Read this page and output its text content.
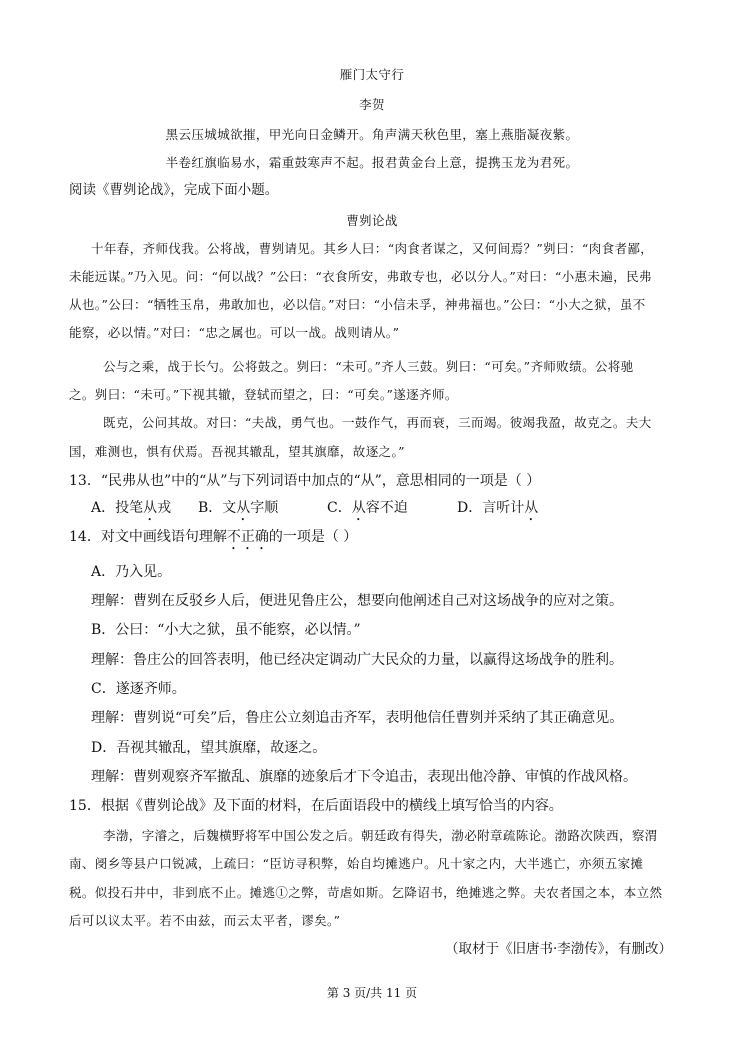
雁门太守行
李贺
黑云压城城欲摧，甲光向日金鳞开。角声满天秋色里，塞上燕脂凝夜紫。
半卷红旗临易水，霜重鼓寒声不起。报君黄金台上意，提携玉龙为君死。
阅读《曹刿论战》，完成下面小题。
曹刿论战
十年春，齐师伐我。公将战，曹刿请见。其乡人曰：“肉食者谋之，又何间焉？”刿曰：“肉食者鄙，
未能远谋。”乃入见。问：“何以战？”公曰：“衣食所安，弗敢专也，必以分人。”对曰：“小惠未遍，民弗
从也。”公曰：“牺牲玉帛，弗敢加也，必以信。”对曰：“小信未孚，神弗福也。”公曰：“小大之狱，虽不
能察，必以情。”对曰：“忠之属也。可以一战。战则请从。”
公与之乘，战于长勺。公将鼓之。刿曰：“未可。”齐人三鼓。刿曰：“可矣。”齐师败绩。公将驰
之。刿曰：“未可。”下视其辙，登轼而望之，曰：“可矣。”遂逐齐师。
既克，公问其故。对曰：“夫战，勇气也。一鼓作气，再而衰，三而竭。彼竭我盈，故克之。夫大
国，难测也，惧有伏焉。吾视其辙乱，望其旗靡，故逐之。”
13．“民弗从也”中的“从”与下列词语中加点的“从”，意思相同的一项是（ ）
A．投笔从戎 B．文从字顺	C．从容不迫	D．言听计从
14．对文中画线语句理解不正确的一项是（ ）
A．乃入见。
理解：曹刿在反驳乡人后，便进见鲁庄公，想要向他阐述自己对这场战争的应对之策。
B．公曰：“小大之狱，虽不能察，必以情。”
理解：鲁庄公的回答表明，他已经决定调动广大民众的力量，以赢得这场战争的胜利。
C．遂逐齐师。
理解：曹刿说“可矣”后，鲁庄公立刻追击齐军，表明他信任曹刿并采纳了其正确意见。
D．吾视其辙乱，望其旗靡，故逐之。
理解：曹刿观察齐军撤乱、旗靡的迹象后才下令追击，表现出他冷静、审慎的作战风格。
15．根据《曹刿论战》及下面的材料，在后面语段中的横线上填写恰当的内容。
李渤，字濬之，后魏横野将军中国公发之后。朝廷政有得失，渤必附章疏陈论。渤路次陕西，察渭
南、阌乡等县户口锐减，上疏曰：“臣访寻积弊，始自均摊逃户。凡十家之内，大半逃亡，亦须五家摊
税。似投石井中，非到底不止。摊逃①之弊，苛虐如斯。乞降诏书，绝摊逃之弊。夫农者国之本，本立然
后可以议太平。若不由兹，而云太平者，谬矣。”
（取材于《旧唐书·李渤传》，有删改）
第 3 页/共 11 页
